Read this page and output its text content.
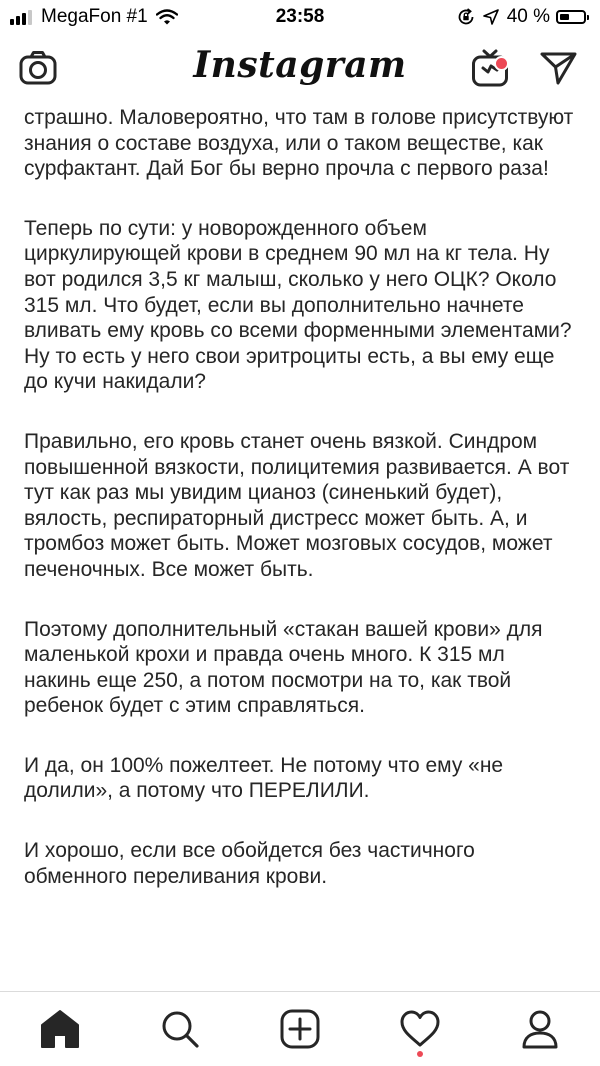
MegaFon #1	23:58	40 %
Instagram

страшно. Маловероятно, что там в голове присутствуют знания о составе воздуха, или о таком веществе, как сурфактант. Дай Бог бы верно прочла с первого раза!

Теперь по сути: у новорожденного объем циркулирующей крови в среднем 90 мл на кг тела. Ну вот родился 3,5 кг малыш, сколько у него ОЦК? Около 315 мл. Что будет, если вы дополнительно начнете вливать ему кровь со всеми форменными элементами? Ну то есть у него свои эритроциты есть, а вы ему еще до кучи накидали?

Правильно, его кровь станет очень вязкой. Синдром повышенной вязкости, полицитемия развивается. А вот тут как раз мы увидим цианоз (синенький будет), вялость, респираторный дистресс может быть. А, и тромбоз может быть. Может мозговых сосудов, может печеночных. Все может быть.

Поэтому дополнительный «стакан вашей крови» для маленькой крохи и правда очень много. К 315 мл накинь еще 250, а потом посмотри на то, как твой ребенок будет с этим справляться.

И да, он 100% пожелтеет. Не потому что ему «не долили», а потому что ПЕРЕЛИЛИ.

И хорошо, если все обойдется без частичного обменного переливания крови.
